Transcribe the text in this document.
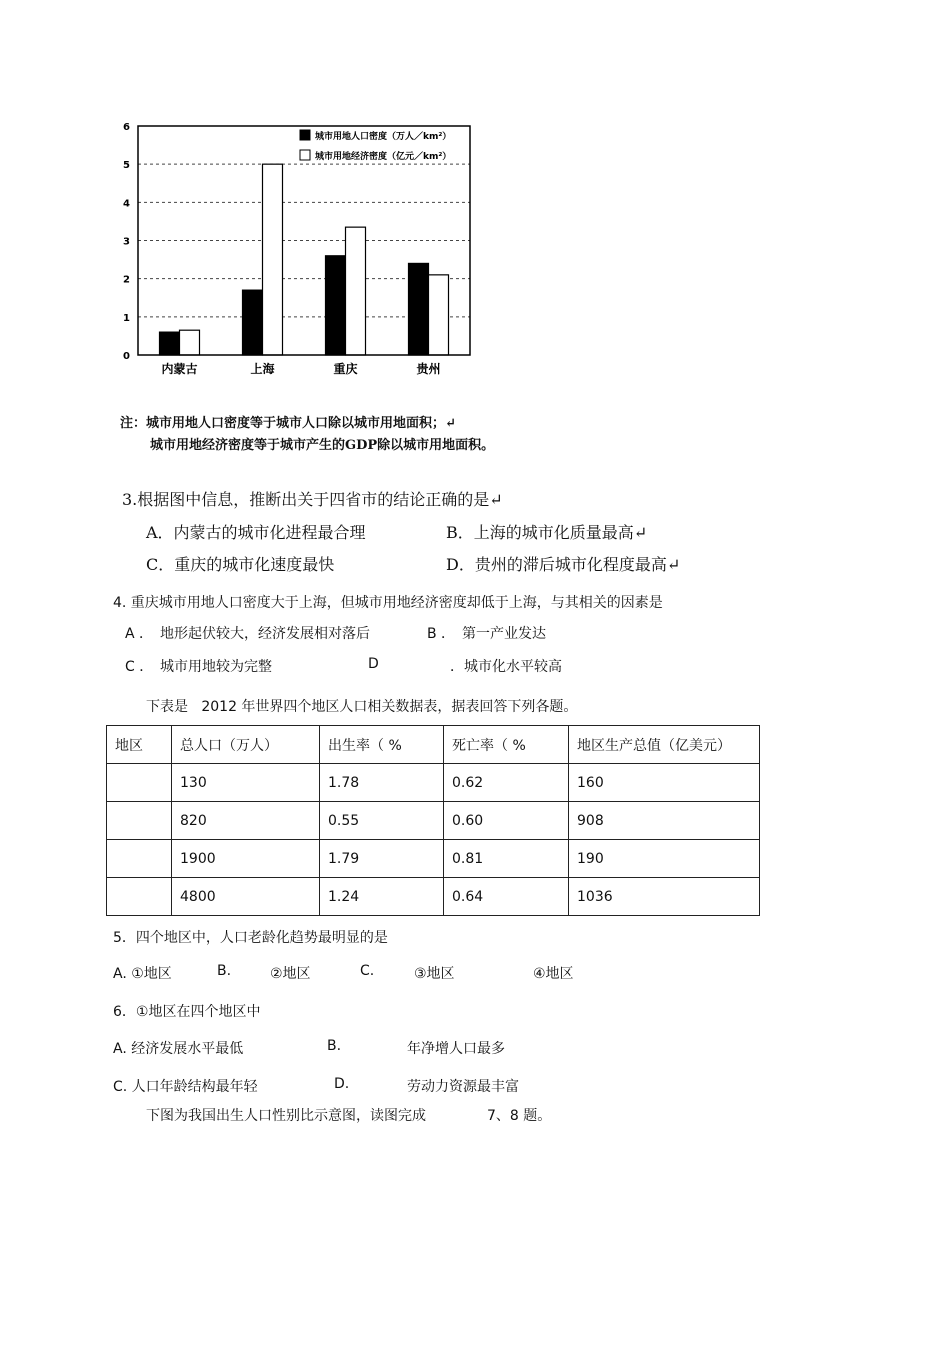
0
1
2
3
4
5
6
内蒙古	上海	重庆	贵州
城市用地人口密度（万人／km²）
城市用地经济密度（亿元／km²）
注：城市用地人口密度等于城市人口除以城市用地面积；↵
城市用地经济密度等于城市产生的GDP除以城市用地面积。
3.根据图中信息，推断出关于四省市的结论正确的是↵
A．内蒙古的城市化进程最合理	B．上海的城市化质量最高↵
C．重庆的城市化速度最快	D．贵州的滞后城市化程度最高↵
4. 重庆城市用地人口密度大于上海，但城市用地经济密度却低于上海，与其相关的因素是
A ． 地形起伏较大，经济发展相对落后	B ． 第一产业发达
C ． 城市用地较为完整	D	．城市化水平较高
下表是   2012 年世界四个地区人口相关数据表，据表回答下列各题。
地区	总人口（万人）	出生率（ %	死亡率（ %	地区生产总值（亿美元）
	130	1.78	0.62	160
	820	0.55	0.60	908
	1900	1.79	0.81	190
	4800	1.24	0.64	1036
5．四个地区中，人口老龄化趋势最明显的是
A. ①地区	B.	②地区	C.	③地区	④地区
6．①地区在四个地区中
A. 经济发展水平最低	B.	年净增人口最多
C. 人口年龄结构最年轻	D.	劳动力资源最丰富
下图为我国出生人口性别比示意图，读图完成	7、8 题。
